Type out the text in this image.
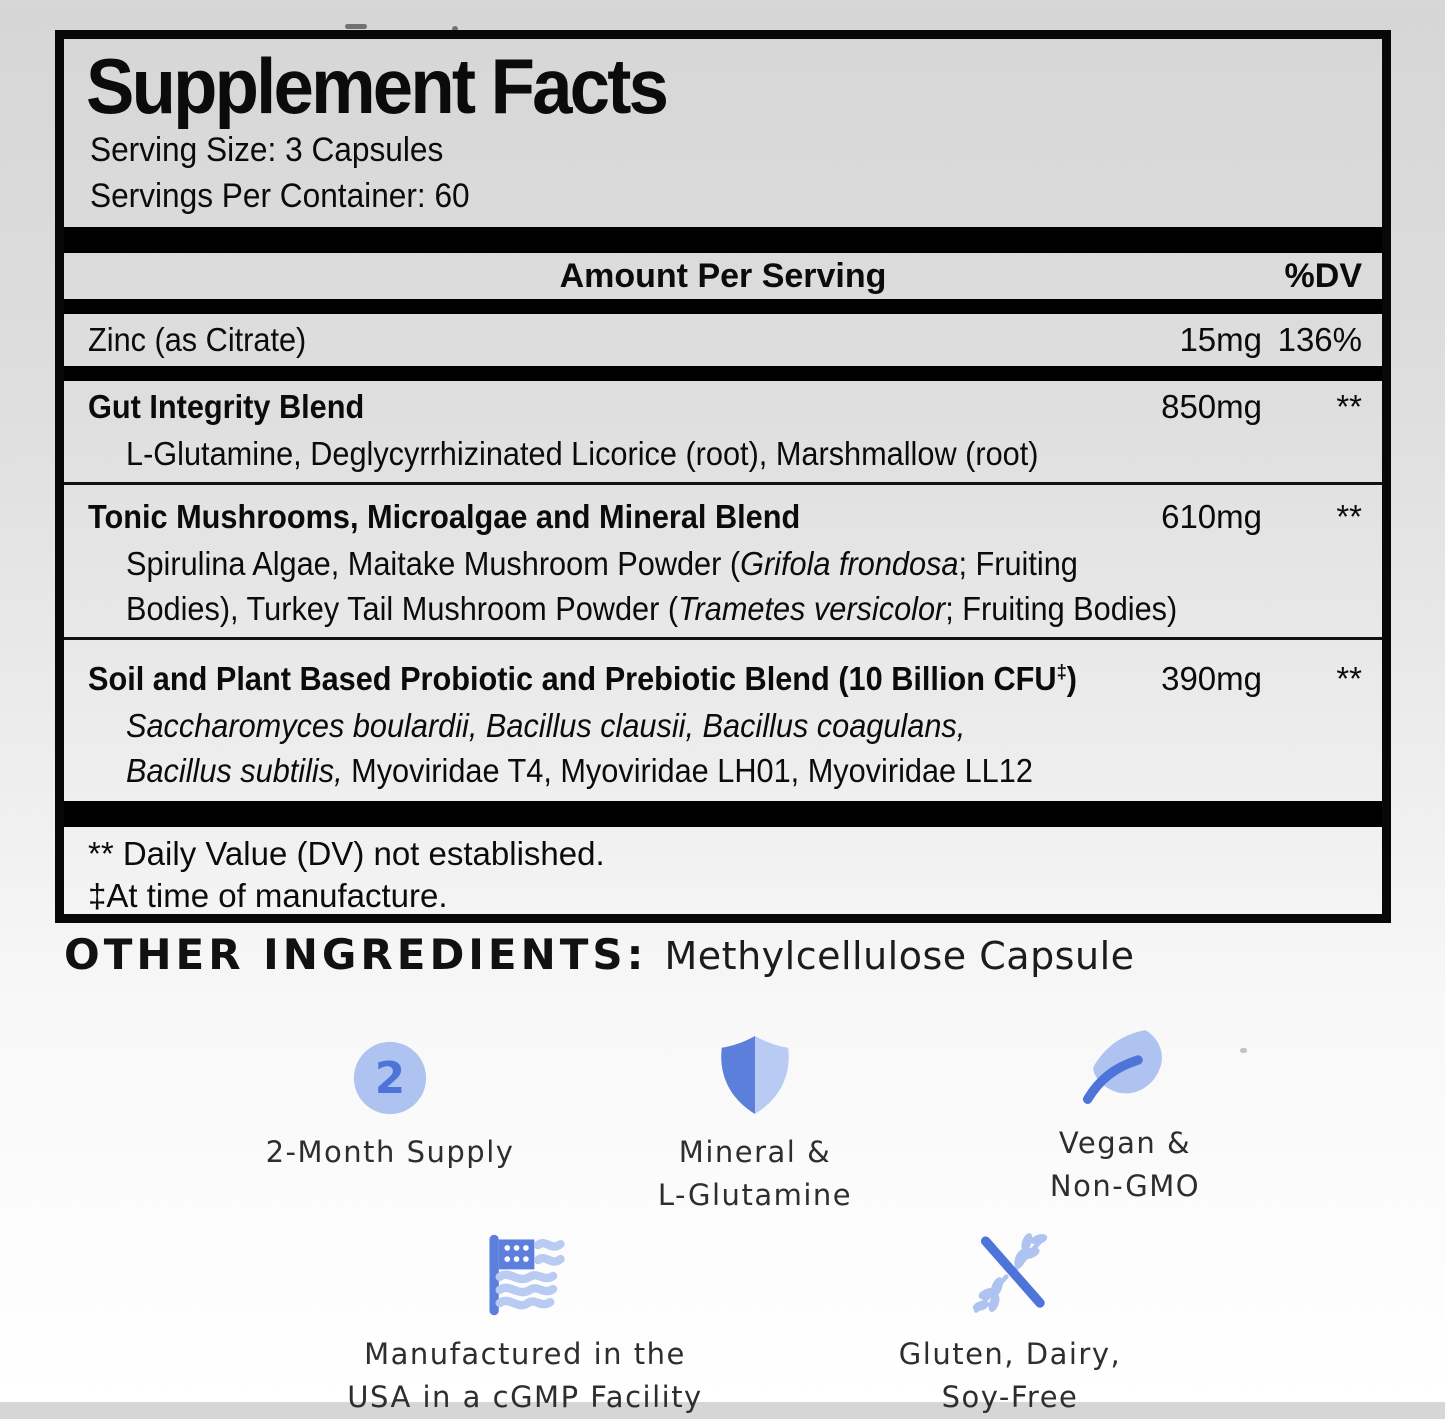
Supplement Facts
Serving Size: 3 Capsules
Servings Per Container: 60
Amount Per Serving	%DV
Zinc (as Citrate)	15mg 136%
Gut Integrity Blend	850mg	**
L-Glutamine, Deglycyrrhizinated Licorice (root), Marshmallow (root)
Tonic Mushrooms, Microalgae and Mineral Blend	610mg	**
Spirulina Algae, Maitake Mushroom Powder (Grifola frondosa; Fruiting
Bodies), Turkey Tail Mushroom Powder (Trametes versicolor; Fruiting Bodies)
Soil and Plant Based Probiotic and Prebiotic Blend (10 Billion CFU‡)	390mg	**
Saccharomyces boulardii, Bacillus clausii, Bacillus coagulans,
Bacillus subtilis, Myoviridae T4, Myoviridae LH01, Myoviridae LL12
** Daily Value (DV) not established.
‡At time of manufacture.
OTHER INGREDIENTS: Methylcellulose Capsule
2
2-Month Supply	Mineral &
L-Glutamine
Vegan &
Non-GMO
Manufactured in the
USA in a cGMP Facility
Gluten, Dairy,
Soy-Free
